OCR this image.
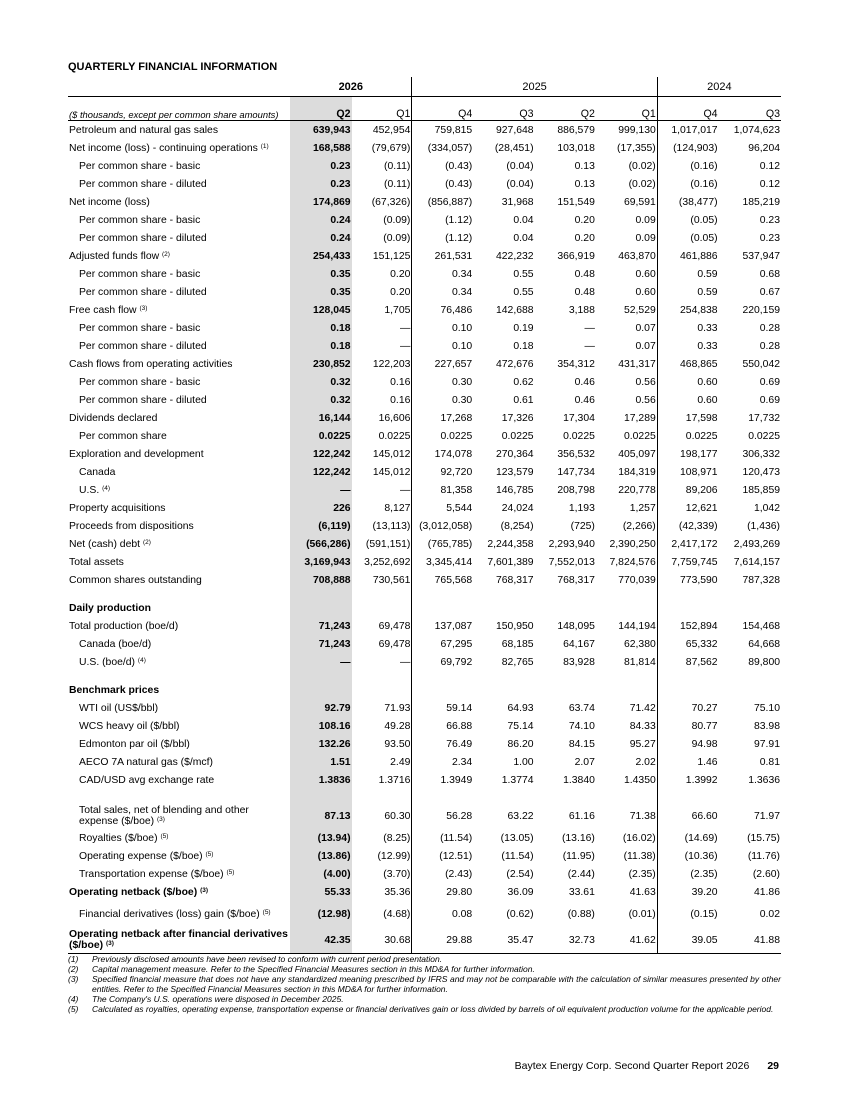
QUARTERLY FINANCIAL INFORMATION
	2026		2025				2024	
($ thousands, except per common share amounts)	Q2	Q1	Q4	Q3	Q2	Q1	Q4	Q3
Petroleum and natural gas sales	639,943	452,954	759,815	927,648	886,579	999,130	1,017,017	1,074,623
Net income (loss) - continuing operations $^{(1)}$	168,588	(79,679)	(334,057)	(28,451)	103,018	(17,355)	(124,903)	96,204
Per common share - basic	0.23	(0.11)	(0.43)	(0.04)	0.13	(0.02)	(0.16)	0.12
Per common share - diluted	0.23	(0.11)	(0.43)	(0.04)	0.13	(0.02)	(0.16)	0.12
Net income (loss)	174,869	(67,326)	(856,887)	31,968	151,549	69,591	(38,477)	185,219
Per common share - basic	0.24	(0.09)	(1.12)	0.04	0.20	0.09	(0.05)	0.23
Per common share - diluted	0.24	(0.09)	(1.12)	0.04	0.20	0.09	(0.05)	0.23
Adjusted funds flow $^{(2)}$	254,433	151,125	261,531	422,232	366,919	463,870	461,886	537,947
Per common share - basic	0.35	0.20	0.34	0.55	0.48	0.60	0.59	0.68
Per common share - diluted	0.35	0.20	0.34	0.55	0.48	0.60	0.59	0.67
Free cash flow $^{(3)}$	128,045	1,705	76,486	142,688	3,188	52,529	254,838	220,159
Per common share - basic	0.18	—	0.10	0.19	—	0.07	0.33	0.28
Per common share - diluted	0.18	—	0.10	0.18	—	0.07	0.33	0.28
Cash flows from operating activities	230,852	122,203	227,657	472,676	354,312	431,317	468,865	550,042
Per common share - basic	0.32	0.16	0.30	0.62	0.46	0.56	0.60	0.69
Per common share - diluted	0.32	0.16	0.30	0.61	0.46	0.56	0.60	0.69
Dividends declared	16,144	16,606	17,268	17,326	17,304	17,289	17,598	17,732
Per common share	0.0225	0.0225	0.0225	0.0225	0.0225	0.0225	0.0225	0.0225
Exploration and development	122,242	145,012	174,078	270,364	356,532	405,097	198,177	306,332
Canada	122,242	145,012	92,720	123,579	147,734	184,319	108,971	120,473
U.S. $^{(4)}$	—	—	81,358	146,785	208,798	220,778	89,206	185,859
Property acquisitions	226	8,127	5,544	24,024	1,193	1,257	12,621	1,042
Proceeds from dispositions	(6,119)	(13,113)	(3,012,058)	(8,254)	(725)	(2,266)	(42,339)	(1,436)
Net (cash) debt $^{(2)}$	(566,286)	(591,151)	(765,785)	2,244,358	2,293,940	2,390,250	2,417,172	2,493,269
Total assets	3,169,943	3,252,692	3,345,414	7,601,389	7,552,013	7,824,576	7,759,745	7,614,157
Common shares outstanding	708,888	730,561	765,568	768,317	768,317	770,039	773,590	787,328

Daily production								
Total production (boe/d)	71,243	69,478	137,087	150,950	148,095	144,194	152,894	154,468
Canada (boe/d)	71,243	69,478	67,295	68,185	64,167	62,380	65,332	64,668
U.S. (boe/d) $^{(4)}$	—	—	69,792	82,765	83,928	81,814	87,562	89,800

Benchmark prices								
WTI oil (US$/bbl)	92.79	71.93	59.14	64.93	63.74	71.42	70.27	75.10
WCS heavy oil ($/bbl)	108.16	49.28	66.88	75.14	74.10	84.33	80.77	83.98
Edmonton par oil ($/bbl)	132.26	93.50	76.49	86.20	84.15	95.27	94.98	97.91
AECO 7A natural gas ($/mcf)	1.51	2.49	2.34	1.00	2.07	2.02	1.46	0.81
CAD/USD avg exchange rate	1.3836	1.3716	1.3949	1.3774	1.3840	1.4350	1.3992	1.3636

Total sales, net of blending and other expense ($/boe) $^{(3)}$	87.13	60.30	56.28	63.22	61.16	71.38	66.60	71.97
Royalties ($/boe) $^{(5)}$	(13.94)	(8.25)	(11.54)	(13.05)	(13.16)	(16.02)	(14.69)	(15.75)
Operating expense ($/boe) $^{(5)}$	(13.86)	(12.99)	(12.51)	(11.54)	(11.95)	(11.38)	(10.36)	(11.76)
Transportation expense ($/boe) $^{(5)}$	(4.00)	(3.70)	(2.43)	(2.54)	(2.44)	(2.35)	(2.35)	(2.60)
Operating netback ($/boe) $^{(3)}$	55.33	35.36	29.80	36.09	33.61	41.63	39.20	41.86
Financial derivatives (loss) gain ($/boe) $^{(5)}$	(12.98)	(4.68)	0.08	(0.62)	(0.88)	(0.01)	(0.15)	0.02
Operating netback after financial derivatives ($/boe) $^{(3)}$	42.35	30.68	29.88	35.47	32.73	41.62	39.05	41.88
(1)	Previously disclosed amounts have been revised to conform with current period presentation.
(2)	Capital management measure. Refer to the Specified Financial Measures section in this MD&A for further information.
(3)	Specified financial measure that does not have any standardized meaning prescribed by IFRS and may not be comparable with the calculation of similar measures presented by other entities. Refer to the Specified Financial Measures section in this MD&A for further information.
(4)	The Company's U.S. operations were disposed in December 2025.
(5)	Calculated as royalties, operating expense, transportation expense or financial derivatives gain or loss divided by barrels of oil equivalent production volume for the applicable period.
Baytex Energy Corp. Second Quarter Report 2026 29
